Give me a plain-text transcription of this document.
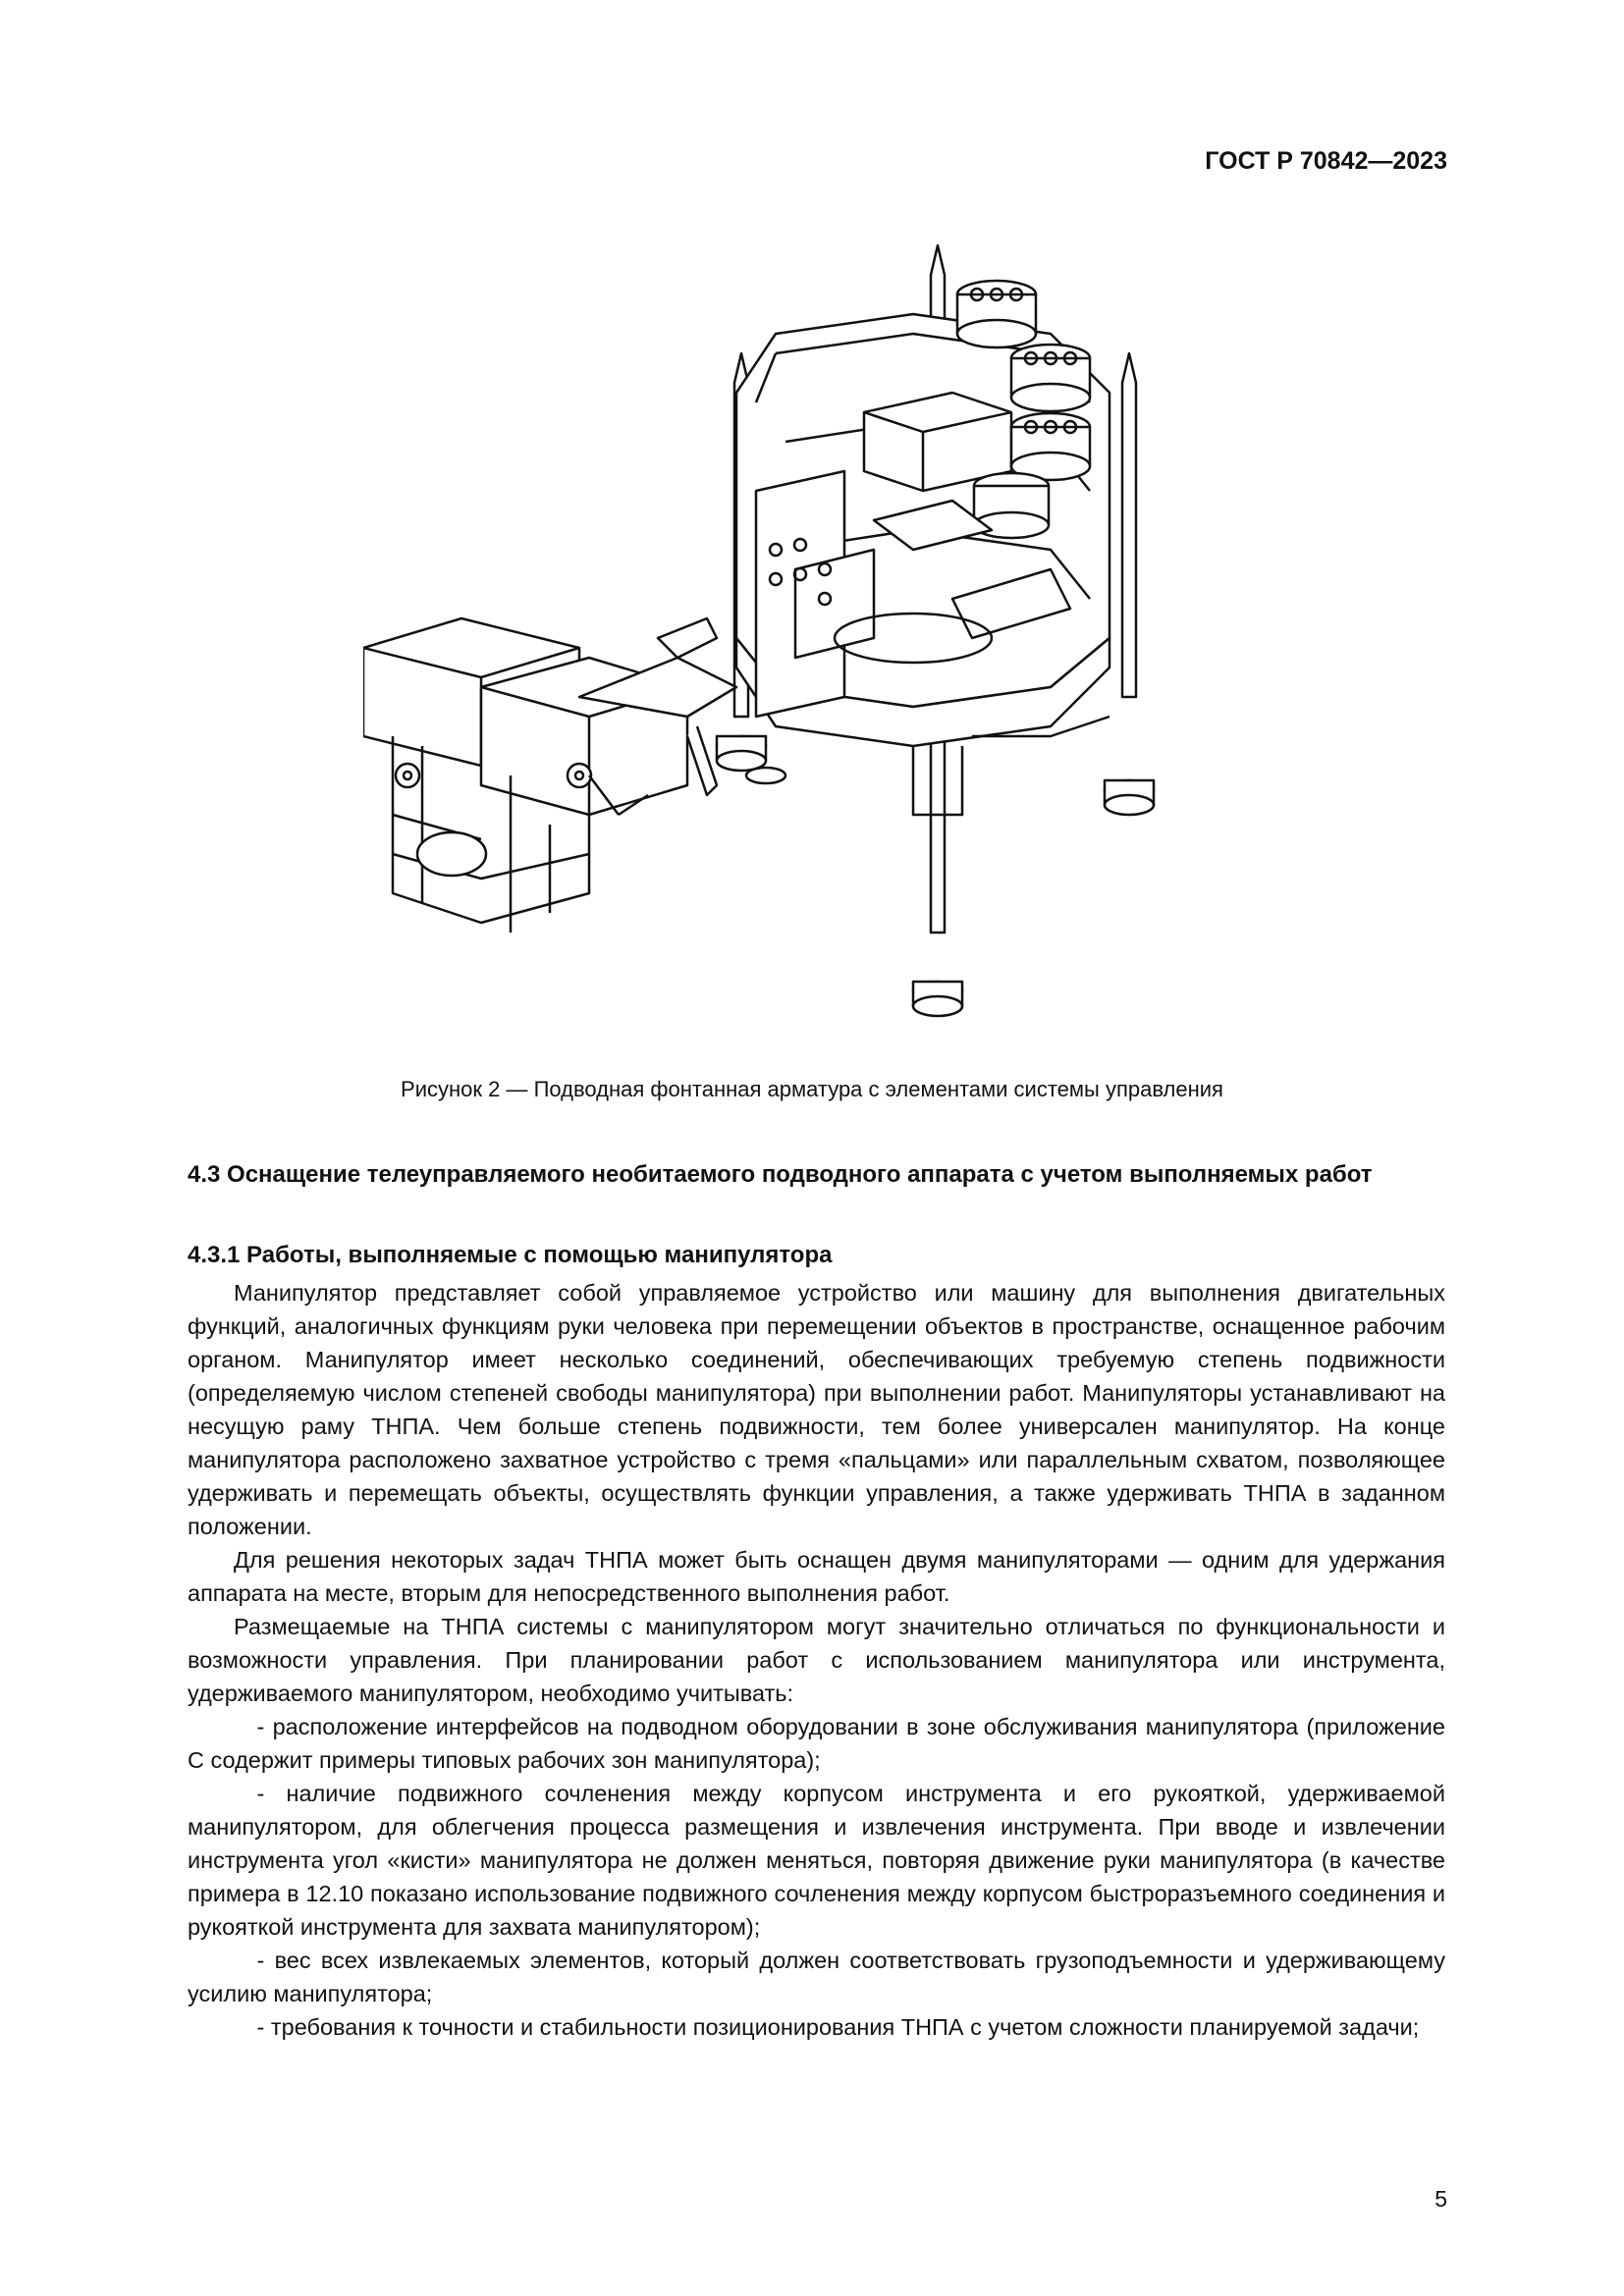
ГОСТ Р 70842—2023
Рисунок 2 — Подводная фонтанная арматура с элементами системы управления
4.3 Оснащение телеуправляемого необитаемого подводного аппарата с учетом выполняемых работ
4.3.1 Работы, выполняемые с помощью манипулятора

  Манипулятор представляет собой управляемое устройство или машину для выполнения двигательных функций, аналогичных функциям руки человека при перемещении объектов в пространстве, оснащенное рабочим органом. Манипулятор имеет несколько соединений, обеспечивающих требуемую степень подвижности (определяемую числом степеней свободы манипулятора) при выполнении работ. Манипуляторы устанавливают на несущую раму ТНПА. Чем больше степень подвижности, тем более универсален манипулятор. На конце манипулятора расположено захватное устройство с тремя «пальцами» или параллельным схватом, позволяющее удерживать и перемещать объекты, осуществлять функции управления, а также удерживать ТНПА в заданном положении.

  Для решения некоторых задач ТНПА может быть оснащен двумя манипуляторами — одним для удержания аппарата на месте, вторым для непосредственного выполнения работ.

  Размещаемые на ТНПА системы с манипулятором могут значительно отличаться по функциональности и возможности управления. При планировании работ с использованием манипулятора или инструмента, удерживаемого манипулятором, необходимо учитывать:

   - расположение интерфейсов на подводном оборудовании в зоне обслуживания манипулятора (приложение С содержит примеры типовых рабочих зон манипулятора);

   - наличие подвижного сочленения между корпусом инструмента и его рукояткой, удерживаемой манипулятором, для облегчения процесса размещения и извлечения инструмента. При вводе и извлечении инструмента угол «кисти» манипулятора не должен меняться, повторяя движение руки манипулятора (в качестве примера в 12.10 показано использование подвижного сочленения между корпусом быстроразъемного соединения и рукояткой инструмента для захвата манипулятором);

   - вес всех извлекаемых элементов, который должен соответствовать грузоподъемности и удерживающему усилию манипулятора;

   - требования к точности и стабильности позиционирования ТНПА с учетом сложности планируемой задачи;

5
